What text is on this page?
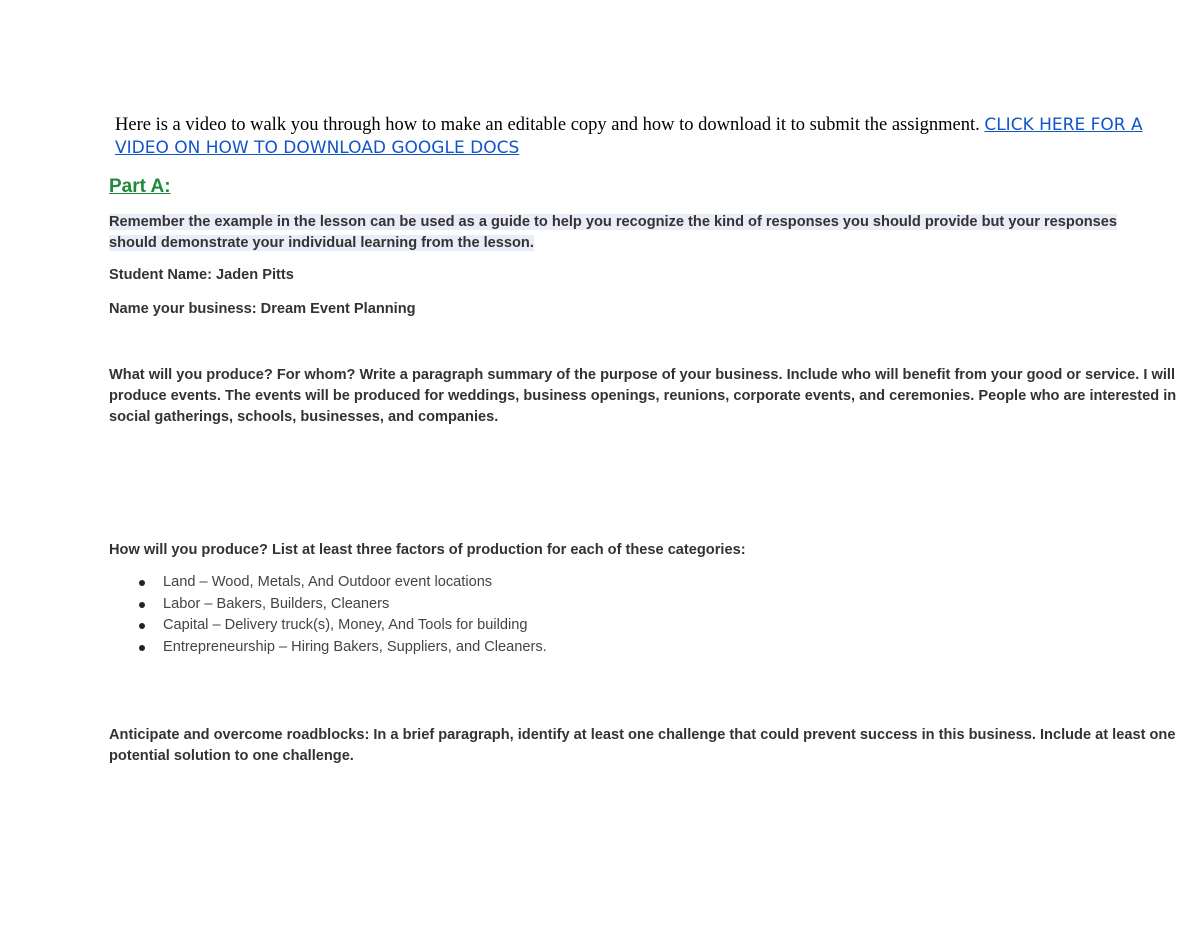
Here is a video to walk you through how to make an editable copy and how to download it to submit the assignment. CLICK HERE FOR A VIDEO ON HOW TO DOWNLOAD GOOGLE DOCS

Part A:
Remember the example in the lesson can be used as a guide to help you recognize the kind of responses you should provide but your responses should demonstrate your individual learning from the lesson.
Student Name: Jaden Pitts
Name your business: Dream Event Planning
What will you produce? For whom? Write a paragraph summary of the purpose of your business. Include who will benefit from your good or service. I will produce events. The events will be produced for weddings, business openings, reunions, corporate events, and ceremonies. People who are interested in social gatherings, schools, businesses, and companies.
How will you produce? List at least three factors of production for each of these categories:
Land – Wood, Metals, And Outdoor event locations
Labor – Bakers, Builders, Cleaners
Capital – Delivery truck(s), Money, And Tools for building
Entrepreneurship – Hiring Bakers, Suppliers, and Cleaners.
Anticipate and overcome roadblocks: In a brief paragraph, identify at least one challenge that could prevent success in this business. Include at least one potential solution to one challenge.
